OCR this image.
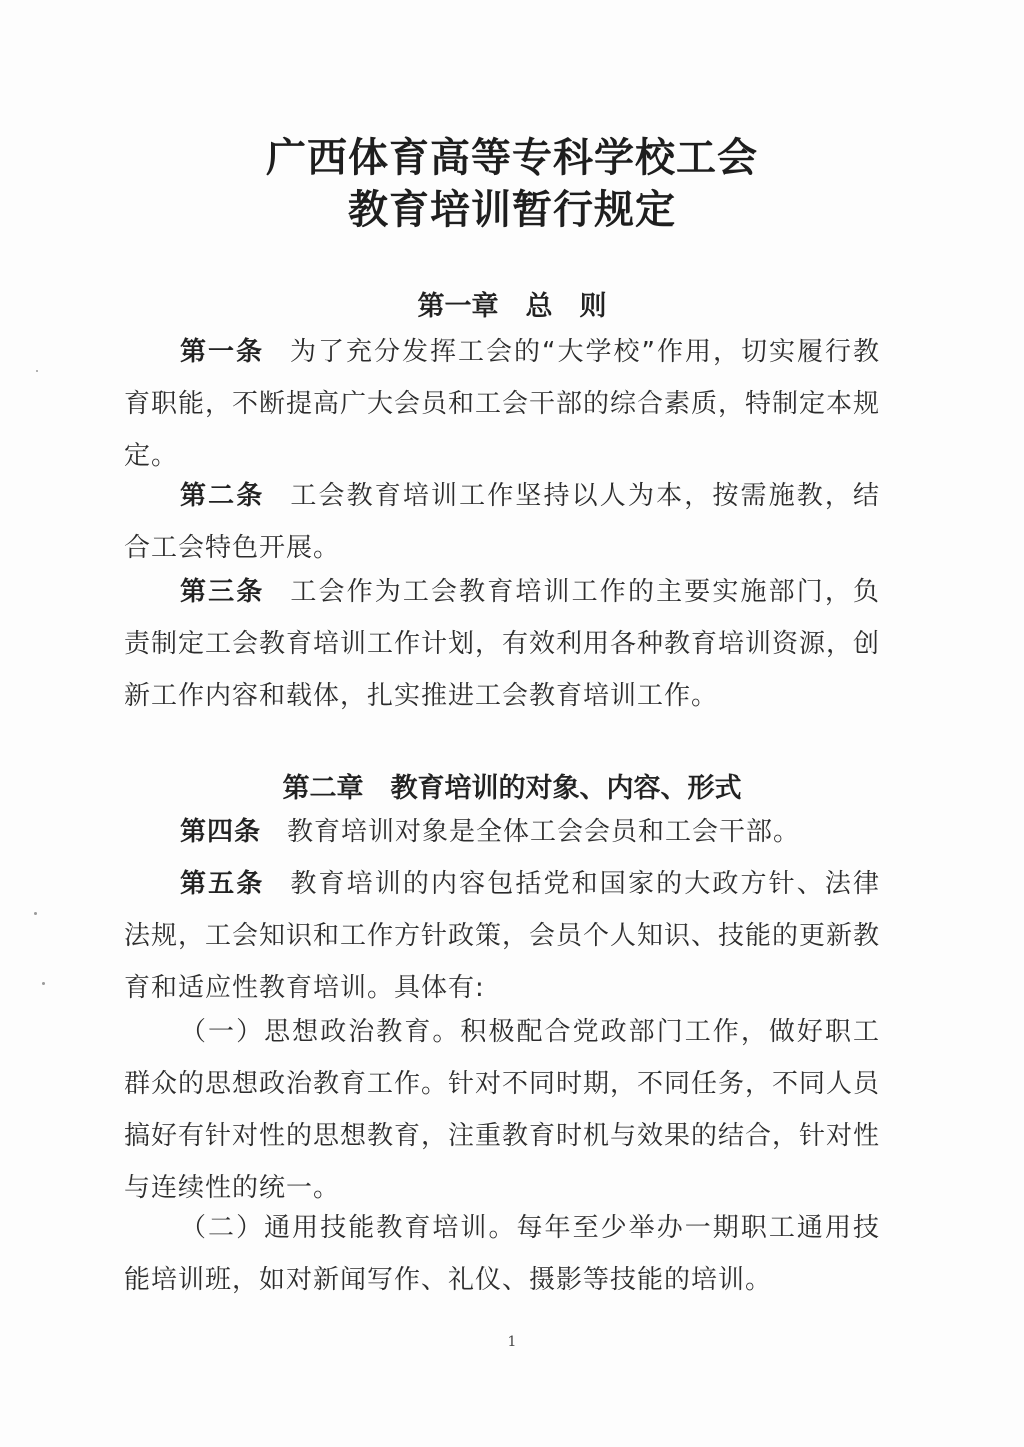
广西体育高等专科学校工会
教育培训暂行规定
第一章　总　则

第一条 为了充分发挥工会的“大学校”作用，切实履行教育职能，不断提高广大会员和工会干部的综合素质，特制定本规定。

第二条 工会教育培训工作坚持以人为本，按需施教，结合工会特色开展。

第三条 工会作为工会教育培训工作的主要实施部门，负责制定工会教育培训工作计划，有效利用各种教育培训资源，创新工作内容和载体，扎实推进工会教育培训工作。

第二章　教育培训的对象、内容、形式

第四条 教育培训对象是全体工会会员和工会干部。

第五条 教育培训的内容包括党和国家的大政方针、法律法规，工会知识和工作方针政策，会员个人知识、技能的更新教育和适应性教育培训。具体有:

（一）思想政治教育。积极配合党政部门工作，做好职工群众的思想政治教育工作。针对不同时期，不同任务，不同人员搞好有针对性的思想教育，注重教育时机与效果的结合，针对性与连续性的统一。

（二）通用技能教育培训。每年至少举办一期职工通用技能培训班，如对新闻写作、礼仪、摄影等技能的培训。

1
